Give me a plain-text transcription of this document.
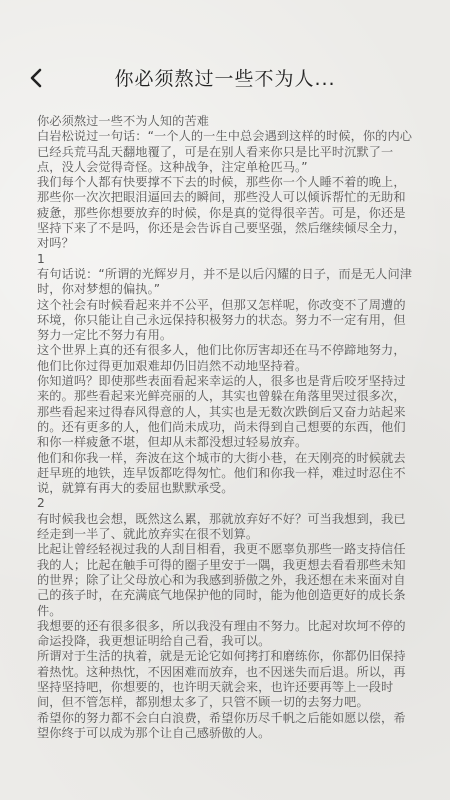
你必须熬过一些不为人...

你必须熬过一些不为人知的苦难

白岩松说过一句话：“一个人的一生中总会遇到这样的时候，你的内心已经兵荒马乱天翻地覆了，可是在别人看来你只是比平时沉默了一点，没人会觉得奇怪。这种战争，注定单枪匹马。”

我们每个人都有快要撑不下去的时候，那些你一个人睡不着的晚上，那些你一次次把眼泪逼回去的瞬间，那些没人可以倾诉帮忙的无助和疲惫，那些你想要放弃的时候，你是真的觉得很辛苦。可是，你还是坚持下来了不是吗，你还是会告诉自己要坚强，然后继续倾尽全力，对吗？

1

有句话说：“所谓的光辉岁月，并不是以后闪耀的日子，而是无人问津时，你对梦想的偏执。”

这个社会有时候看起来并不公平，但那又怎样呢，你改变不了周遭的环境，你只能让自己永远保持积极努力的状态。努力不一定有用，但努力一定比不努力有用。

这个世界上真的还有很多人，他们比你厉害却还在马不停蹄地努力，他们比你过得更加艰难却仍旧岿然不动地坚持着。

你知道吗？即使那些表面看起来幸运的人，很多也是背后咬牙坚持过来的。那些看起来光鲜亮丽的人，其实也曾躲在角落里哭过很多次，那些看起来过得春风得意的人，其实也是无数次跌倒后又奋力站起来的。还有更多的人，他们尚未成功，尚未得到自己想要的东西，他们和你一样疲惫不堪，但却从未都没想过轻易放弃。

他们和你我一样，奔波在这个城市的大街小巷，在天刚亮的时候就去赶早班的地铁，连早饭都吃得匆忙。他们和你我一样，难过时忍住不说，就算有再大的委屈也默默承受。

2

有时候我也会想，既然这么累，那就放弃好不好？可当我想到，我已经走到一半了、就此放弃实在很不划算。

比起让曾经轻视过我的人刮目相看，我更不愿辜负那些一路支持信任我的人；比起在触手可得的圈子里安于一隅，我更想去看看那些未知的世界；除了让父母放心和为我感到骄傲之外，我还想在未来面对自己的孩子时，在充满底气地保护他的同时，能为他创造更好的成长条件。

我想要的还有很多很多，所以我没有理由不努力。比起对坎坷不停的命运投降，我更想证明给自己看，我可以。

所谓对于生活的执着，就是无论它如何拷打和磨练你，你都仍旧保持着热忱。这种热忱，不因困难而放弃，也不因迷失而后退。所以，再坚持坚持吧，你想要的，也许明天就会来，也许还要再等上一段时间，但不管怎样，都别想太多了，只管不顾一切的去努力吧。

希望你的努力都不会白白浪费，希望你历尽千帆之后能如愿以偿，希望你终于可以成为那个让自己感骄傲的人。
